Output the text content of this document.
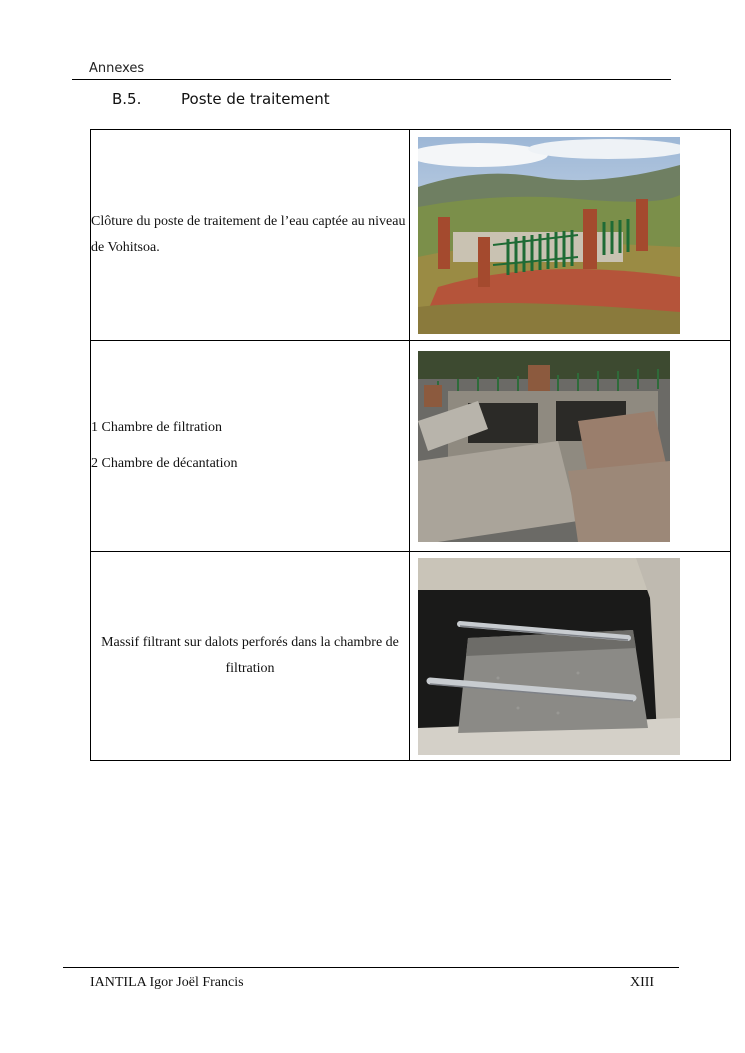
Annexes
B.5.	Poste de traitement

Clôture du poste de traitement de l’eau captée au niveau de Vohitsoa.

1 Chambre de filtration

2 Chambre de décantation

Massif filtrant sur dalots perforés dans la chambre de filtration

IANTILA Igor Joël Francis	XIII
